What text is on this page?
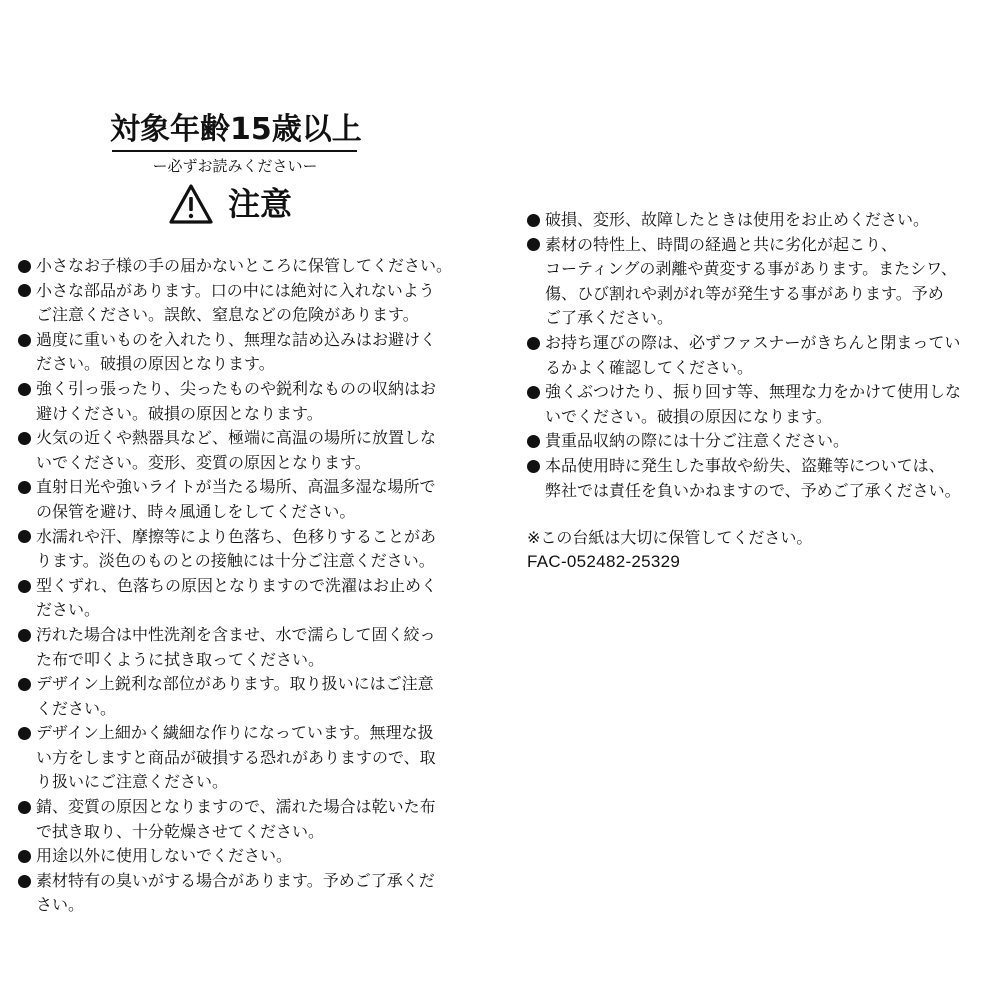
対象年齢15歳以上
ー必ずお読みくださいー
注意
小さなお子様の手の届かないところに保管してください。
小さな部品があります。口の中には絶対に入れないよう
ご注意ください。誤飲、窒息などの危険があります。
過度に重いものを入れたり、無理な詰め込みはお避けく
ださい。破損の原因となります。
強く引っ張ったり、尖ったものや鋭利なものの収納はお
避けください。破損の原因となります。
火気の近くや熱器具など、極端に高温の場所に放置しな
いでください。変形、変質の原因となります。
直射日光や強いライトが当たる場所、高温多湿な場所で
の保管を避け、時々風通しをしてください。
水濡れや汗、摩擦等により色落ち、色移りすることがあ
ります。淡色のものとの接触には十分ご注意ください。
型くずれ、色落ちの原因となりますので洗濯はお止めく
ださい。
汚れた場合は中性洗剤を含ませ、水で濡らして固く絞っ
た布で叩くように拭き取ってください。
デザイン上鋭利な部位があります。取り扱いにはご注意
ください。
デザイン上細かく繊細な作りになっています。無理な扱
い方をしますと商品が破損する恐れがありますので、取
り扱いにご注意ください。
錆、変質の原因となりますので、濡れた場合は乾いた布
で拭き取り、十分乾燥させてください。
用途以外に使用しないでください。
素材特有の臭いがする場合があります。予めご了承くだ
さい。
破損、変形、故障したときは使用をお止めください。
素材の特性上、時間の経過と共に劣化が起こり、
コーティングの剥離や黄変する事があります。またシワ、
傷、ひび割れや剥がれ等が発生する事があります。予め
ご了承ください。
お持ち運びの際は、必ずファスナーがきちんと閉まってい
るかよく確認してください。
強くぶつけたり、振り回す等、無理な力をかけて使用しな
いでください。破損の原因になります。
貴重品収納の際には十分ご注意ください。
本品使用時に発生した事故や紛失、盗難等については、
弊社では責任を負いかねますので、予めご了承ください。
※この台紙は大切に保管してください。
FAC-052482-25329
